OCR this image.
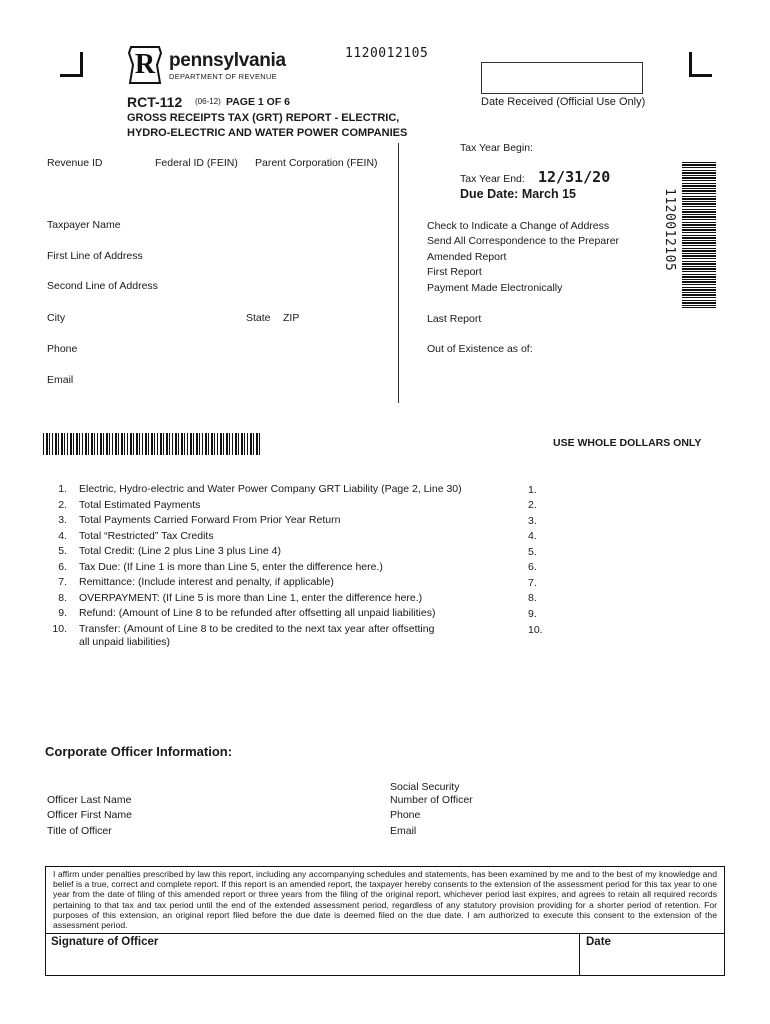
R pennsylvania
DEPARTMENT OF REVENUE
1120012105
Date Received (Official Use Only)
RCT-112 (06-12) PAGE 1 OF 6
GROSS RECEIPTS TAX (GRT) REPORT - ELECTRIC,
HYDRO-ELECTRIC AND WATER POWER COMPANIES
Tax Year Begin:
Tax Year End: 12/31/20
Due Date: March 15	1120012105
Revenue ID	Federal ID (FEIN) Parent Corporation (FEIN)
Taxpayer Name
First Line of Address
Second Line of Address
City	State ZIP
Phone
Email
Check to Indicate a Change of Address
Send All Correspondence to the Preparer
Amended Report
First Report
Payment Made Electronically
Last Report
Out of Existence as of:
USE WHOLE DOLLARS ONLY
1. Electric, Hydro-electric and Water Power Company GRT Liability (Page 2, Line 30)	1.
2. Total Estimated Payments	2.
3. Total Payments Carried Forward From Prior Year Return	3.
4. Total “Restricted” Tax Credits	4.
5. Total Credit: (Line 2 plus Line 3 plus Line 4)	5.
6. Tax Due: (If Line 1 is more than Line 5, enter the difference here.)	6.
7. Remittance: (Include interest and penalty, if applicable)	7.
8. OVERPAYMENT: (If Line 5 is more than Line 1, enter the difference here.)	8.
9. Refund: (Amount of Line 8 to be refunded after offsetting all unpaid liabilities)	9.
10. Transfer: (Amount of Line 8 to be credited to the next tax year after offsetting
all unpaid liabilities)
10.
Corporate Officer Information:
Officer Last Name
Officer First Name
Title of Officer
Social Security
Number of Officer
Phone
Email
I affirm under penalties prescribed by law this report, including any accompanying schedules and statements, has been examined by me and to the best of my knowledge and belief is a true, correct and complete report. If this report is an amended report, the taxpayer hereby consents to the extension of the assessment period for this tax year to one year from the date of filing of this amended report or three years from the filing of the original report, whichever period last expires, and agrees to retain all required records pertaining to that tax and tax period until the end of the extended assessment period, regardless of any statutory provision providing for a shorter period of retention. For purposes of this extension, an original report filed before the due date is deemed filed on the due date. I am authorized to execute this consent to the extension of the assessment period.
Signature of Officer	Date
